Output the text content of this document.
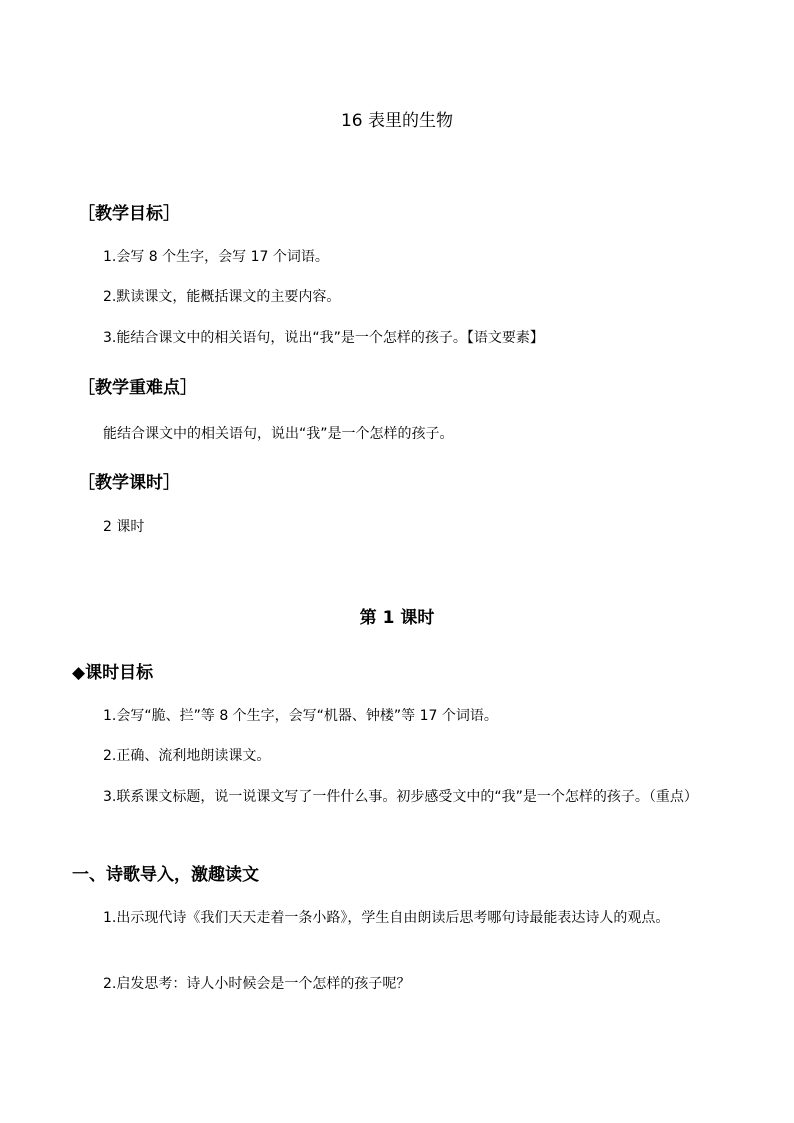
16 表里的生物
［教学目标］
1.会写 8 个生字，会写 17 个词语。
2.默读课文，能概括课文的主要内容。
3.能结合课文中的相关语句，说出“我”是一个怎样的孩子。【语文要素】
［教学重难点］
能结合课文中的相关语句，说出“我”是一个怎样的孩子。
［教学课时］
2 课时
第 1 课时
◆课时目标
1.会写“脆、拦”等 8 个生字，会写“机器、钟楼”等 17 个词语。
2.正确、流利地朗读课文。
3.联系课文标题，说一说课文写了一件什么事。初步感受文中的“我”是一个怎样的孩子。（重点）
一、诗歌导入，激趣读文
1.出示现代诗《我们天天走着一条小路》，学生自由朗读后思考哪句诗最能表达诗人的观点。
2.启发思考：诗人小时候会是一个怎样的孩子呢？
